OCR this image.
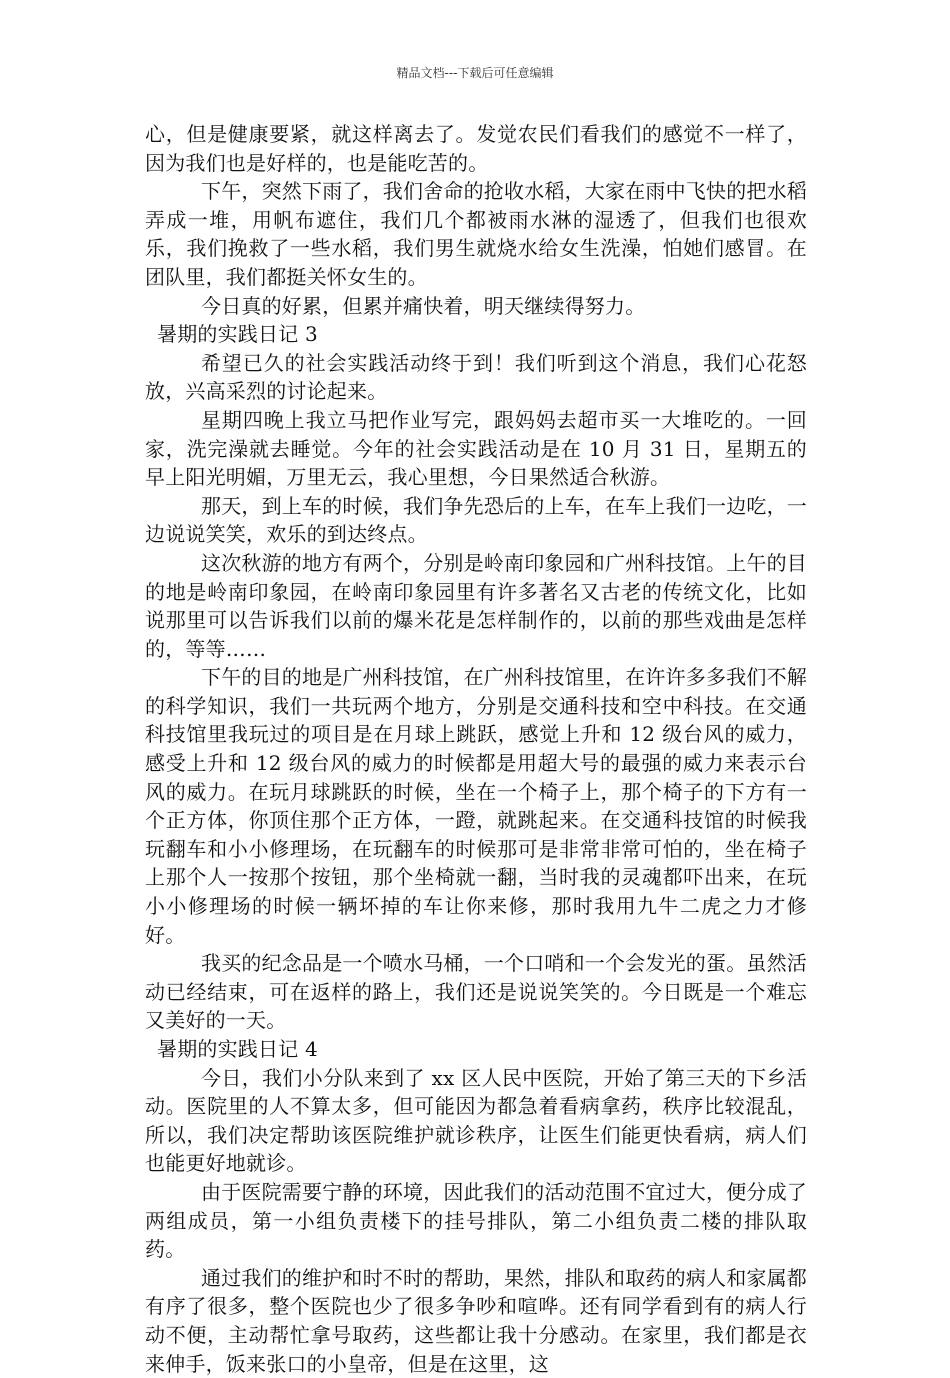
精品文档---下载后可任意编辑

心，但是健康要紧，就这样离去了。发觉农民们看我们的感觉不一样了，因为我们也是好样的，也是能吃苦的。

下午，突然下雨了，我们舍命的抢收水稻，大家在雨中飞快的把水稻弄成一堆，用帆布遮住，我们几个都被雨水淋的湿透了，但我们也很欢乐，我们挽救了一些水稻，我们男生就烧水给女生洗澡，怕她们感冒。在团队里，我们都挺关怀女生的。

今日真的好累，但累并痛快着，明天继续得努力。

暑期的实践日记 3

希望已久的社会实践活动终于到！我们听到这个消息，我们心花怒放，兴高采烈的讨论起来。

星期四晚上我立马把作业写完，跟妈妈去超市买一大堆吃的。一回家，洗完澡就去睡觉。今年的社会实践活动是在 10 月 31 日，星期五的早上阳光明媚，万里无云，我心里想，今日果然适合秋游。

那天，到上车的时候，我们争先恐后的上车，在车上我们一边吃，一边说说笑笑，欢乐的到达终点。

这次秋游的地方有两个，分别是岭南印象园和广州科技馆。上午的目的地是岭南印象园，在岭南印象园里有许多著名又古老的传统文化，比如说那里可以告诉我们以前的爆米花是怎样制作的，以前的那些戏曲是怎样的，等等……

下午的目的地是广州科技馆，在广州科技馆里，在许许多多我们不解的科学知识，我们一共玩两个地方，分别是交通科技和空中科技。在交通科技馆里我玩过的项目是在月球上跳跃，感觉上升和 12 级台风的威力，感受上升和 12 级台风的威力的时候都是用超大号的最强的威力来表示台风的威力。在玩月球跳跃的时候，坐在一个椅子上，那个椅子的下方有一个正方体，你顶住那个正方体，一蹬，就跳起来。在交通科技馆的时候我玩翻车和小小修理场，在玩翻车的时候那可是非常非常可怕的，坐在椅子上那个人一按那个按钮，那个坐椅就一翻，当时我的灵魂都吓出来，在玩小小修理场的时候一辆坏掉的车让你来修，那时我用九牛二虎之力才修好。

我买的纪念品是一个喷水马桶，一个口哨和一个会发光的蛋。虽然活动已经结束，可在返样的路上，我们还是说说笑笑的。今日既是一个难忘又美好的一天。

暑期的实践日记 4

今日，我们小分队来到了 xx 区人民中医院，开始了第三天的下乡活动。医院里的人不算太多，但可能因为都急着看病拿药，秩序比较混乱，所以，我们决定帮助该医院维护就诊秩序，让医生们能更快看病，病人们也能更好地就诊。

由于医院需要宁静的环境，因此我们的活动范围不宜过大，便分成了两组成员，第一小组负责楼下的挂号排队，第二小组负责二楼的排队取药。

通过我们的维护和时不时的帮助，果然，排队和取药的病人和家属都有序了很多，整个医院也少了很多争吵和喧哗。还有同学看到有的病人行动不便，主动帮忙拿号取药，这些都让我十分感动。在家里，我们都是衣来伸手，饭来张口的小皇帝，但是在这里，这
